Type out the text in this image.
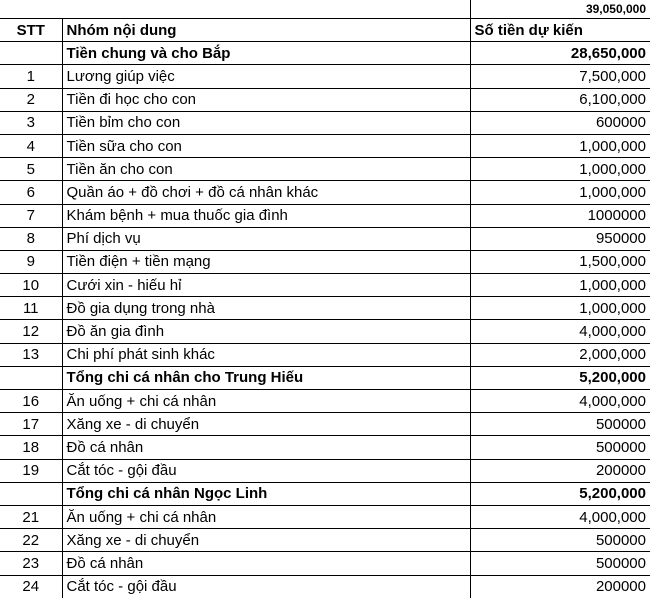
		39,050,000
STT	Nhóm nội dung	Số tiền dự kiến
	Tiền chung và cho Bắp	28,650,000
1	Lương giúp việc	7,500,000
2	Tiền đi học cho con	6,100,000
3	Tiền bỉm cho con	600000
4	Tiền sữa cho con	1,000,000
5	Tiền ăn cho con	1,000,000
6	Quần áo + đồ chơi + đồ cá nhân khác	1,000,000
7	Khám bệnh + mua thuốc gia đình	1000000
8	Phí dịch vụ	950000
9	Tiền điện + tiền mạng	1,500,000
10	Cưới xin - hiếu hỉ	1,000,000
11	Đồ gia dụng trong nhà	1,000,000
12	Đồ ăn gia đình	4,000,000
13	Chi phí phát sinh khác	2,000,000
	Tổng chi cá nhân cho Trung Hiếu	5,200,000
16	Ăn uống + chi cá nhân	4,000,000
17	Xăng xe - di chuyển	500000
18	Đồ cá nhân	500000
19	Cắt tóc - gội đầu	200000
	Tổng chi cá nhân Ngọc Linh	5,200,000
21	Ăn uống + chi cá nhân	4,000,000
22	Xăng xe - di chuyển	500000
23	Đồ cá nhân	500000
24	Cắt tóc - gội đầu	200000
